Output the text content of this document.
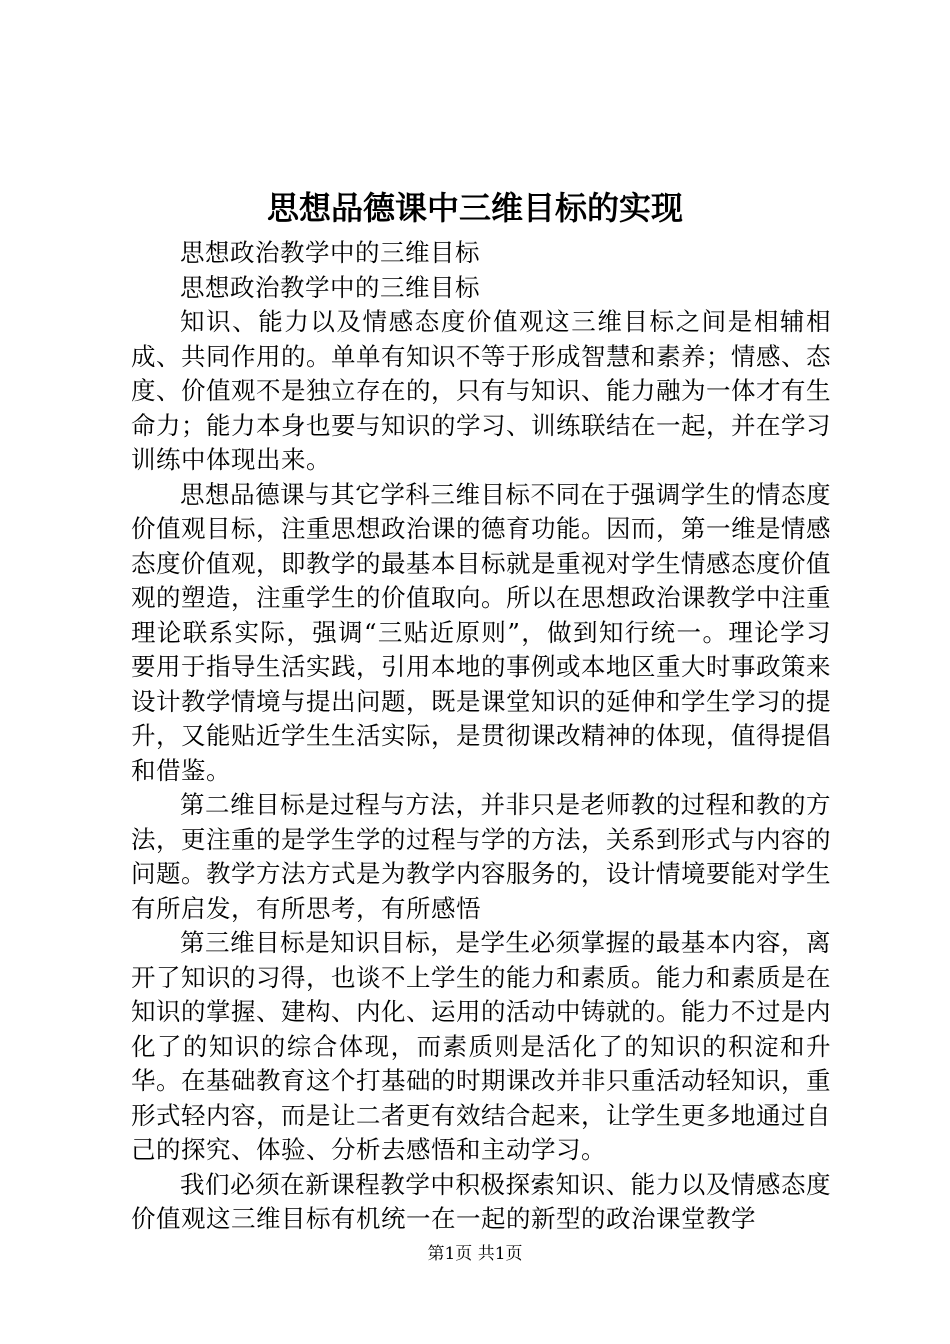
思想品德课中三维目标的实现

思想政治教学中的三维目标

思想政治教学中的三维目标

知识、能力以及情感态度价值观这三维目标之间是相辅相成、共同作用的。单单有知识不等于形成智慧和素养；情感、态度、价值观不是独立存在的，只有与知识、能力融为一体才有生命力；能力本身也要与知识的学习、训练联结在一起，并在学习训练中体现出来。

思想品德课与其它学科三维目标不同在于强调学生的情态度价值观目标，注重思想政治课的德育功能。因而，第一维是情感态度价值观，即教学的最基本目标就是重视对学生情感态度价值观的塑造，注重学生的价值取向。所以在思想政治课教学中注重理论联系实际，强调“三贴近原则”，做到知行统一。理论学习要用于指导生活实践，引用本地的事例或本地区重大时事政策来设计教学情境与提出问题，既是课堂知识的延伸和学生学习的提升，又能贴近学生生活实际，是贯彻课改精神的体现，值得提倡和借鉴。

第二维目标是过程与方法，并非只是老师教的过程和教的方法，更注重的是学生学的过程与学的方法，关系到形式与内容的问题。教学方法方式是为教学内容服务的，设计情境要能对学生有所启发，有所思考，有所感悟

第三维目标是知识目标，是学生必须掌握的最基本内容，离开了知识的习得，也谈不上学生的能力和素质。能力和素质是在知识的掌握、建构、内化、运用的活动中铸就的。能力不过是内化了的知识的综合体现，而素质则是活化了的知识的积淀和升华。在基础教育这个打基础的时期课改并非只重活动轻知识，重形式轻内容，而是让二者更有效结合起来，让学生更多地通过自己的探究、体验、分析去感悟和主动学习。

我们必须在新课程教学中积极探索知识、能力以及情感态度价值观这三维目标有机统一在一起的新型的政治课堂教学

第1页 共1页
